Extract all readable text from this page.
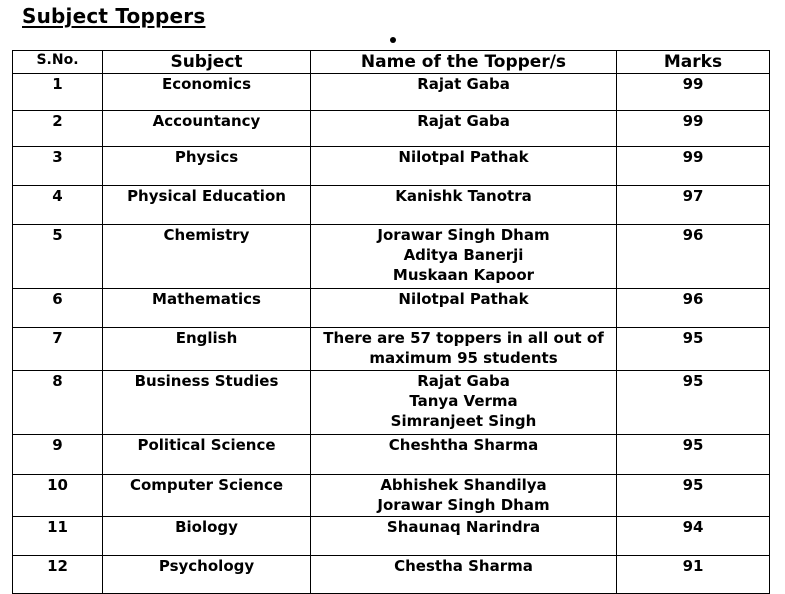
Subject Toppers
S.No.	Subject	Name of the Topper/s	Marks
1	Economics	Rajat Gaba	99
2	Accountancy	Rajat Gaba	99
3	Physics	Nilotpal Pathak	99
4	Physical Education	Kanishk Tanotra	97
5	Chemistry	Jorawar Singh Dham
Aditya Banerji
Muskaan Kapoor	96
6	Mathematics	Nilotpal Pathak	96
7	English	There are 57 toppers in all out of
maximum 95 students	95
8	Business Studies	Rajat Gaba
Tanya Verma
Simranjeet Singh	95
9	Political Science	Cheshtha Sharma	95
10	Computer Science	Abhishek Shandilya
Jorawar Singh Dham	95
11	Biology	Shaunaq Narindra	94
12	Psychology	Chestha Sharma	91
